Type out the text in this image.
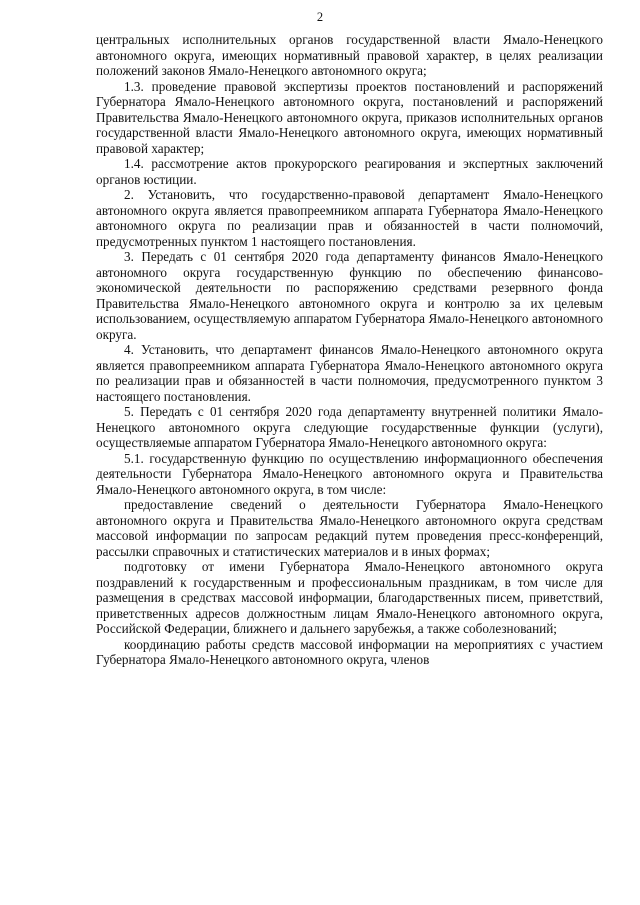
2

центральных исполнительных органов государственной власти Ямало-Ненецкого автономного округа, имеющих нормативный правовой характер, в целях реализации положений законов Ямало-Ненецкого автономного округа;

1.3. проведение правовой экспертизы проектов постановлений и распоряжений Губернатора Ямало-Ненецкого автономного округа, постановлений и распоряжений Правительства Ямало-Ненецкого автономного округа, приказов исполнительных органов государственной власти Ямало-Ненецкого автономного округа, имеющих нормативный правовой характер;

1.4. рассмотрение актов прокурорского реагирования и экспертных заключений органов юстиции.

2. Установить, что государственно-правовой департамент Ямало-Ненецкого автономного округа является правопреемником аппарата Губернатора Ямало-Ненецкого автономного округа по реализации прав и обязанностей в части полномочий, предусмотренных пунктом 1 настоящего постановления.

3. Передать с 01 сентября 2020 года департаменту финансов Ямало-Ненецкого автономного округа государственную функцию по обеспечению финансово-экономической деятельности по распоряжению средствами резервного фонда Правительства Ямало-Ненецкого автономного округа и контролю за их целевым использованием, осуществляемую аппаратом Губернатора Ямало-Ненецкого автономного округа.

4. Установить, что департамент финансов Ямало-Ненецкого автономного округа является правопреемником аппарата Губернатора Ямало-Ненецкого автономного округа по реализации прав и обязанностей в части полномочия, предусмотренного пунктом 3 настоящего постановления.

5. Передать с 01 сентября 2020 года департаменту внутренней политики Ямало-Ненецкого автономного округа следующие государственные функции (услуги), осуществляемые аппаратом Губернатора Ямало-Ненецкого автономного округа:

5.1. государственную функцию по осуществлению информационного обеспечения деятельности Губернатора Ямало-Ненецкого автономного округа и Правительства Ямало-Ненецкого автономного округа, в том числе:

предоставление сведений о деятельности Губернатора Ямало-Ненецкого автономного округа и Правительства Ямало-Ненецкого автономного округа средствам массовой информации по запросам редакций путем проведения пресс-конференций, рассылки справочных и статистических материалов и в иных формах;

подготовку от имени Губернатора Ямало-Ненецкого автономного округа поздравлений к государственным и профессиональным праздникам, в том числе для размещения в средствах массовой информации, благодарственных писем, приветствий, приветственных адресов должностным лицам Ямало-Ненецкого автономного округа, Российской Федерации, ближнего и дальнего зарубежья, а также соболезнований;

координацию работы средств массовой информации на мероприятиях с участием Губернатора Ямало-Ненецкого автономного округа, членов
